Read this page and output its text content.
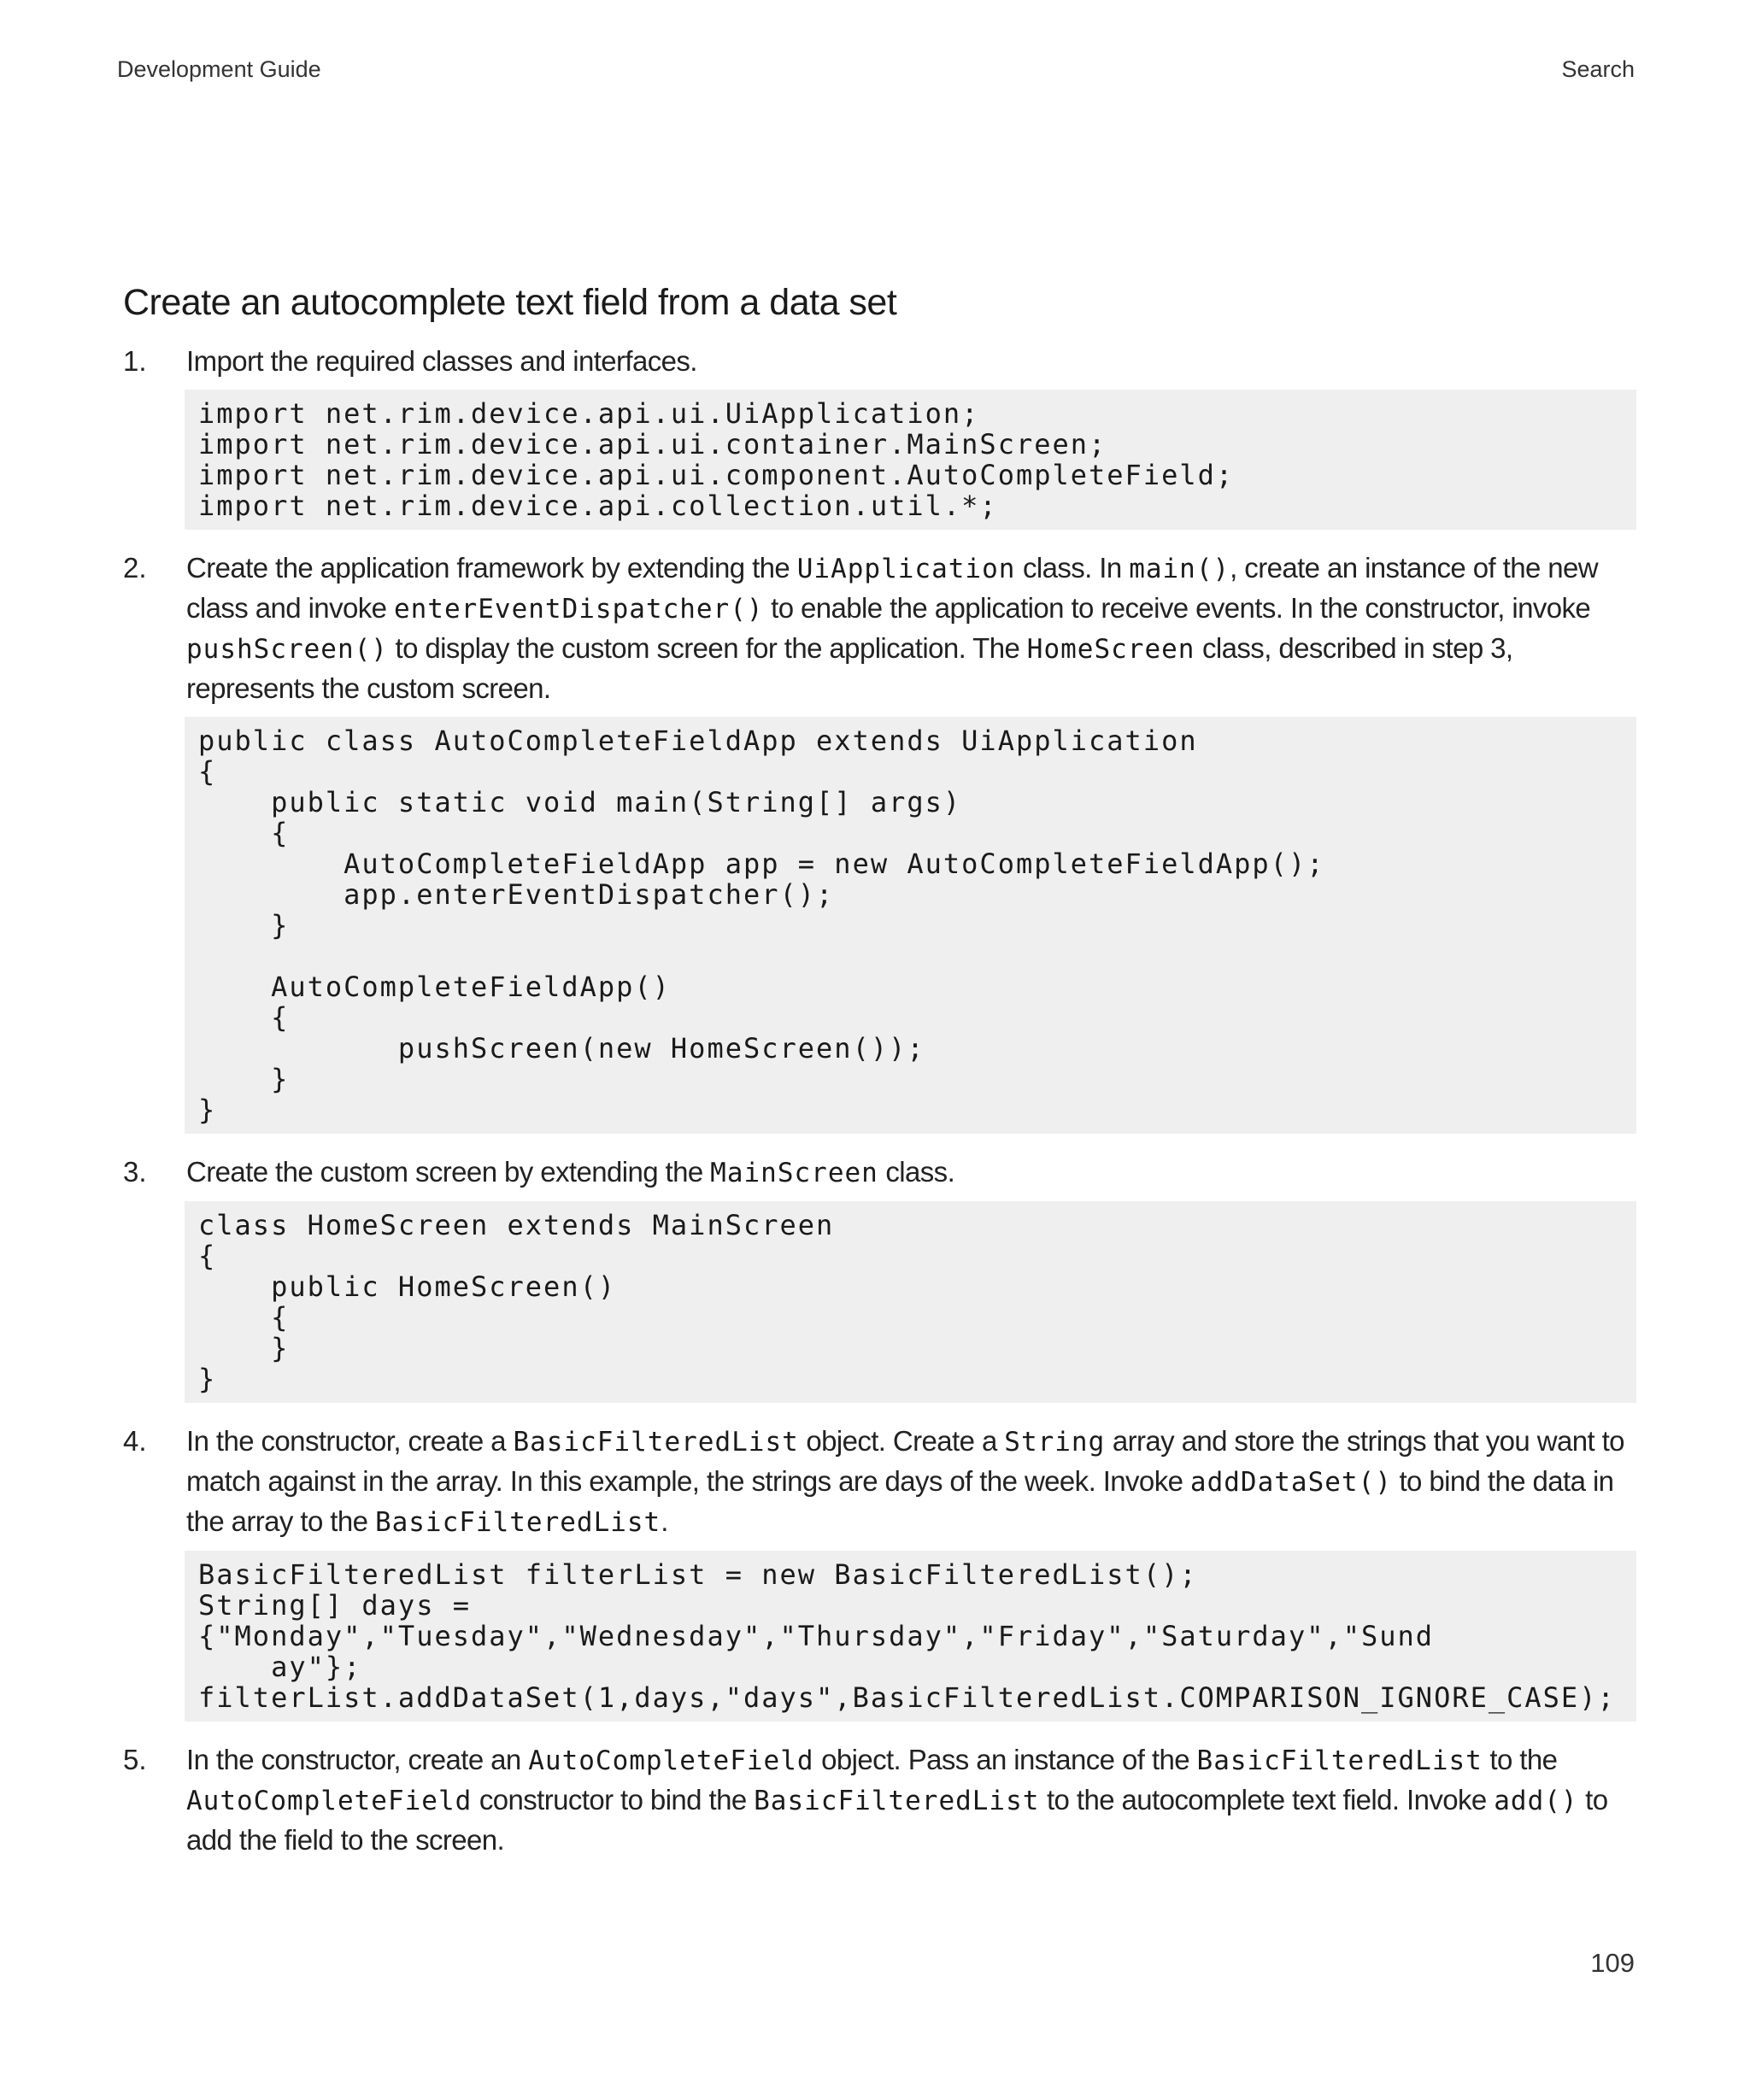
Development Guide	Search
Create an autocomplete text field from a data set
1. Import the required classes and interfaces.
import net.rim.device.api.ui.UiApplication;
import net.rim.device.api.ui.container.MainScreen;
import net.rim.device.api.ui.component.AutoCompleteField;
import net.rim.device.api.collection.util.*;
2. Create the application framework by extending the UiApplication class. In main(), create an instance of the new class and invoke enterEventDispatcher() to enable the application to receive events. In the constructor, invoke pushScreen() to display the custom screen for the application. The HomeScreen class, described in step 3, represents the custom screen.
public class AutoCompleteFieldApp extends UiApplication
{
public static void main(String[] args)
{
AutoCompleteFieldApp app = new AutoCompleteFieldApp();
app.enterEventDispatcher();
}

AutoCompleteFieldApp()
{
pushScreen(new HomeScreen());
}
}
3. Create the custom screen by extending the MainScreen class.
class HomeScreen extends MainScreen
{
public HomeScreen()
{
}
}
4. In the constructor, create a BasicFilteredList object. Create a String array and store the strings that you want to match against in the array. In this example, the strings are days of the week. Invoke addDataSet() to bind the data in the array to the BasicFilteredList.
BasicFilteredList filterList = new BasicFilteredList();
String[] days =
{"Monday","Tuesday","Wednesday","Thursday","Friday","Saturday","Sund
ay"};
filterList.addDataSet(1,days,"days",BasicFilteredList.COMPARISON_IGNORE_CASE);
5. In the constructor, create an AutoCompleteField object. Pass an instance of the BasicFilteredList to the AutoCompleteField constructor to bind the BasicFilteredList to the autocomplete text field. Invoke add() to add the field to the screen.
109
